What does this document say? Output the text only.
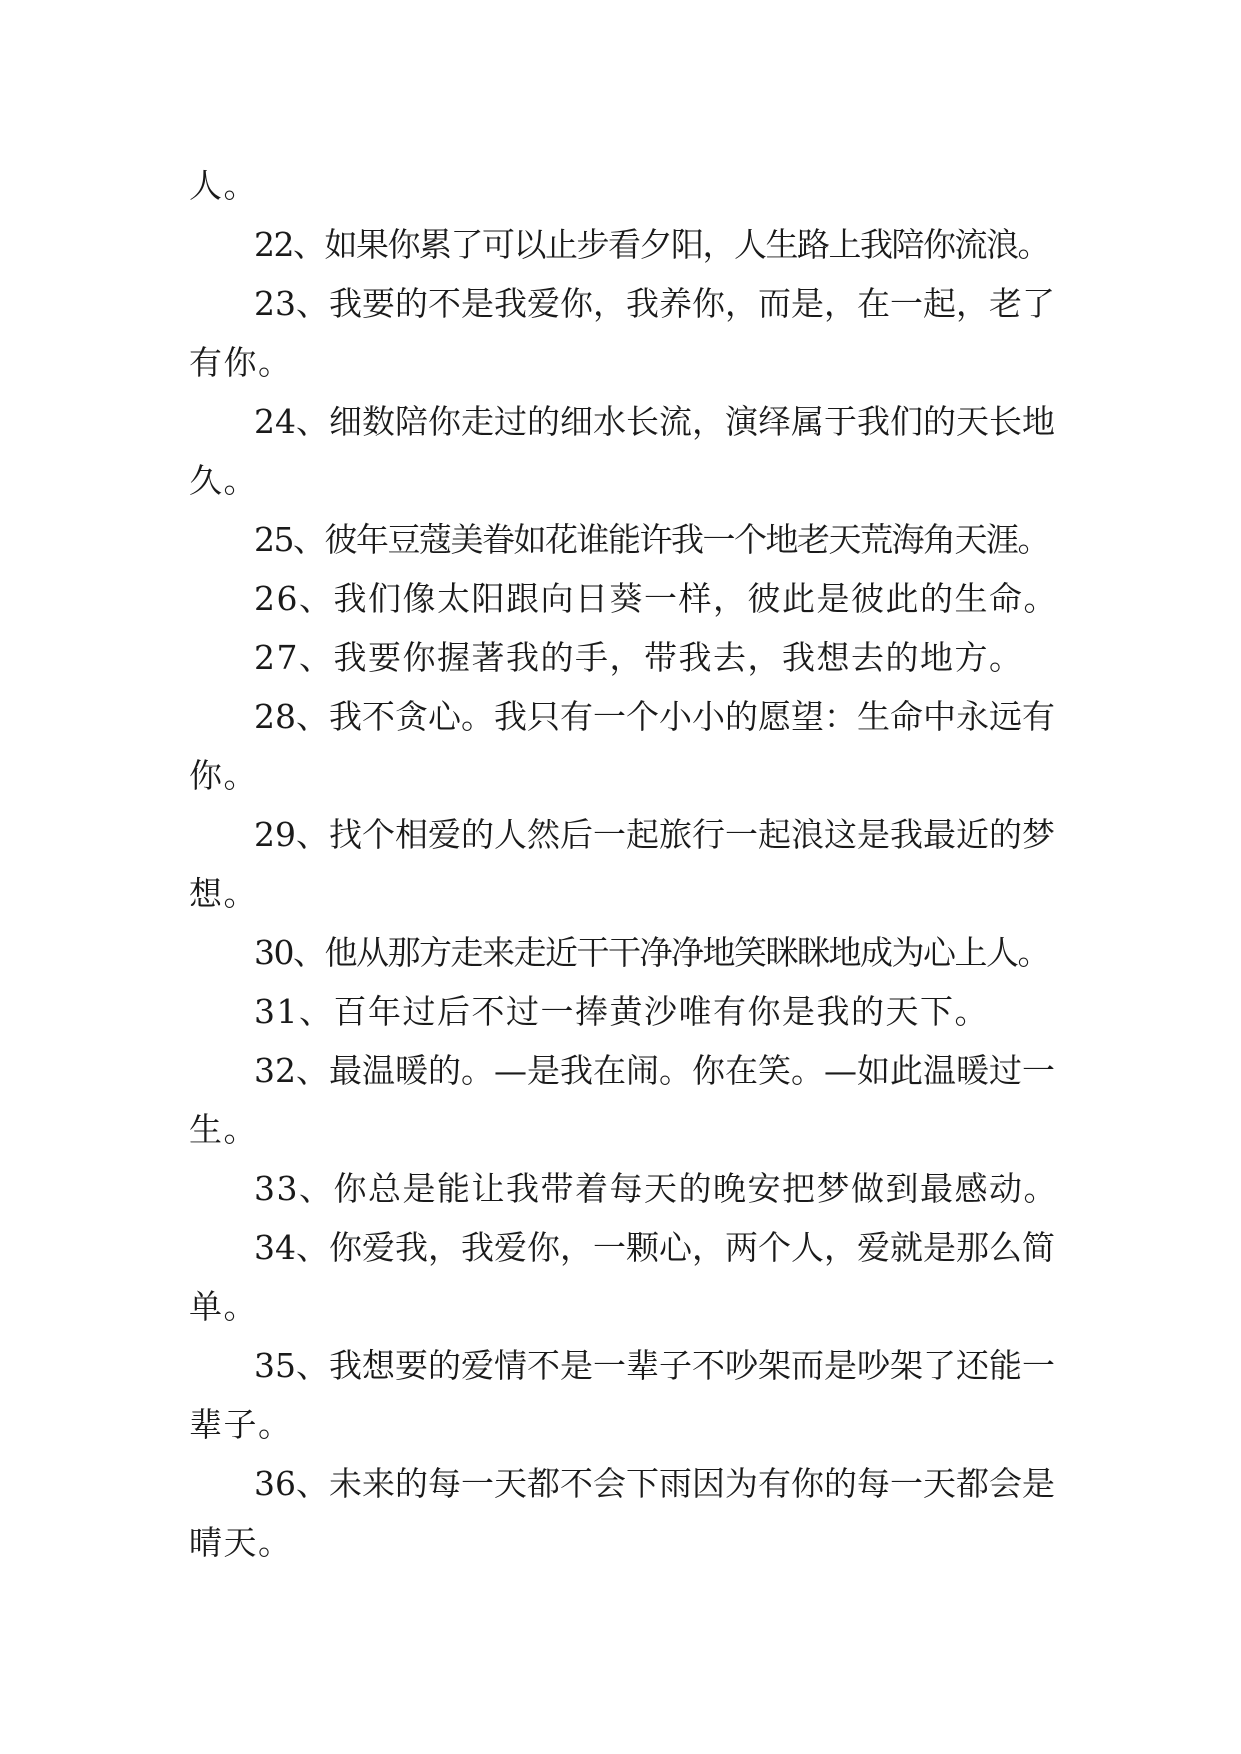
人。
22、如果你累了可以止步看夕阳，人生路上我陪你流浪。
23、我要的不是我爱你，我养你，而是，在一起，老了
有你。
24、细数陪你走过的细水长流，演绎属于我们的天长地
久。
25、彼年豆蔻美眷如花谁能许我一个地老天荒海角天涯。
26、我们像太阳跟向日葵一样，彼此是彼此的生命。
27、我要你握著我的手，带我去，我想去的地方。
28、我不贪心。我只有一个小小的愿望：生命中永远有
你。
29、找个相爱的人然后一起旅行一起浪这是我最近的梦
想。
30、他从那方走来走近干干净净地笑眯眯地成为心上人。
31、百年过后不过一捧黄沙唯有你是我的天下。
32、最温暖的。—是我在闹。你在笑。—如此温暖过一
生。
33、你总是能让我带着每天的晚安把梦做到最感动。
34、你爱我，我爱你，一颗心，两个人，爱就是那么简
单。
35、我想要的爱情不是一辈子不吵架而是吵架了还能一
辈子。
36、未来的每一天都不会下雨因为有你的每一天都会是
晴天。
